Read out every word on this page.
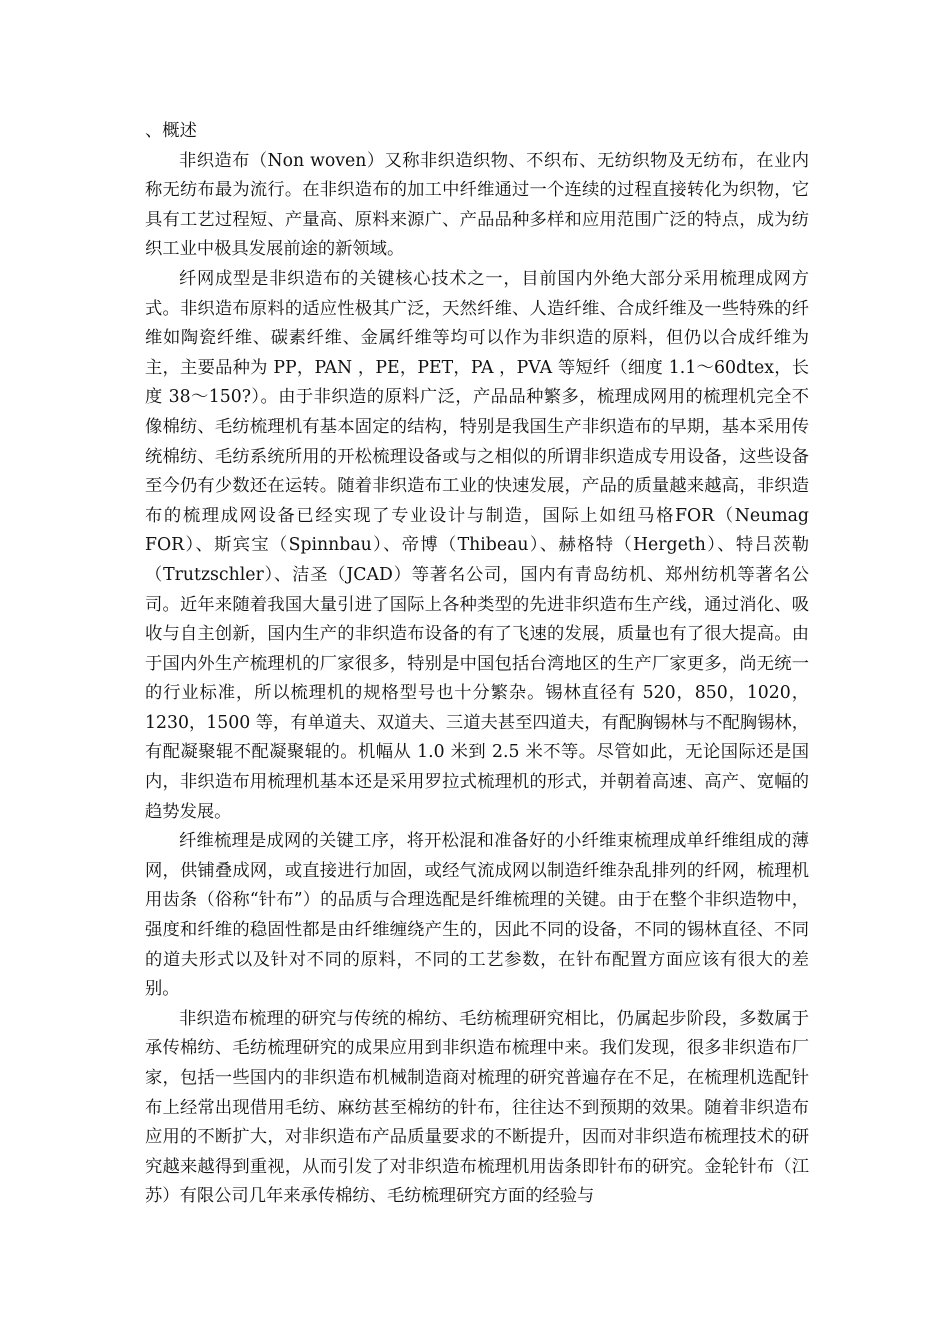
、概述

非织造布（Non woven）又称非织造织物、不织布、无纺织物及无纺布，在业内称无纺布最为流行。在非织造布的加工中纤维通过一个连续的过程直接转化为织物，它具有工艺过程短、产量高、原料来源广、产品品种多样和应用范围广泛的特点，成为纺织工业中极具发展前途的新领域。

纤网成型是非织造布的关键核心技术之一，目前国内外绝大部分采用梳理成网方式。非织造布原料的适应性极其广泛，天然纤维、人造纤维、合成纤维及一些特殊的纤维如陶瓷纤维、碳素纤维、金属纤维等均可以作为非织造的原料，但仍以合成纤维为主，主要品种为 PP，PAN ，PE，PET，PA ，PVA 等短纤（细度 1.1～60dtex，长度 38～150?）。由于非织造的原料广泛，产品品种繁多，梳理成网用的梳理机完全不像棉纺、毛纺梳理机有基本固定的结构，特别是我国生产非织造布的早期，基本采用传统棉纺、毛纺系统所用的开松梳理设备或与之相似的所谓非织造成专用设备，这些设备至今仍有少数还在运转。随着非织造布工业的快速发展，产品的质量越来越高，非织造布的梳理成网设备已经实现了专业设计与制造，国际上如纽马格FOR（Neumag FOR）、斯宾宝（Spinnbau）、帝博（Thibeau）、赫格特（Hergeth）、特吕茨勒（Trutzschler）、洁圣（JCAD）等著名公司，国内有青岛纺机、郑州纺机等著名公司。近年来随着我国大量引进了国际上各种类型的先进非织造布生产线，通过消化、吸收与自主创新，国内生产的非织造布设备的有了飞速的发展，质量也有了很大提高。由于国内外生产梳理机的厂家很多，特别是中国包括台湾地区的生产厂家更多，尚无统一的行业标准，所以梳理机的规格型号也十分繁杂。锡林直径有 520，850，1020，1230，1500 等，有单道夫、双道夫、三道夫甚至四道夫，有配胸锡林与不配胸锡林，有配凝聚辊不配凝聚辊的。机幅从 1.0 米到 2.5 米不等。尽管如此，无论国际还是国内，非织造布用梳理机基本还是采用罗拉式梳理机的形式，并朝着高速、高产、宽幅的趋势发展。

纤维梳理是成网的关键工序，将开松混和准备好的小纤维束梳理成单纤维组成的薄网，供铺叠成网，或直接进行加固，或经气流成网以制造纤维杂乱排列的纤网，梳理机用齿条（俗称“针布”）的品质与合理选配是纤维梳理的关键。由于在整个非织造物中，强度和纤维的稳固性都是由纤维缠绕产生的，因此不同的设备，不同的锡林直径、不同的道夫形式以及针对不同的原料，不同的工艺参数，在针布配置方面应该有很大的差别。

非织造布梳理的研究与传统的棉纺、毛纺梳理研究相比，仍属起步阶段，多数属于承传棉纺、毛纺梳理研究的成果应用到非织造布梳理中来。我们发现，很多非织造布厂家，包括一些国内的非织造布机械制造商对梳理的研究普遍存在不足，在梳理机选配针布上经常出现借用毛纺、麻纺甚至棉纺的针布，往往达不到预期的效果。随着非织造布应用的不断扩大，对非织造布产品质量要求的不断提升，因而对非织造布梳理技术的研究越来越得到重视，从而引发了对非织造布梳理机用齿条即针布的研究。金轮针布（江苏）有限公司几年来承传棉纺、毛纺梳理研究方面的经验与
